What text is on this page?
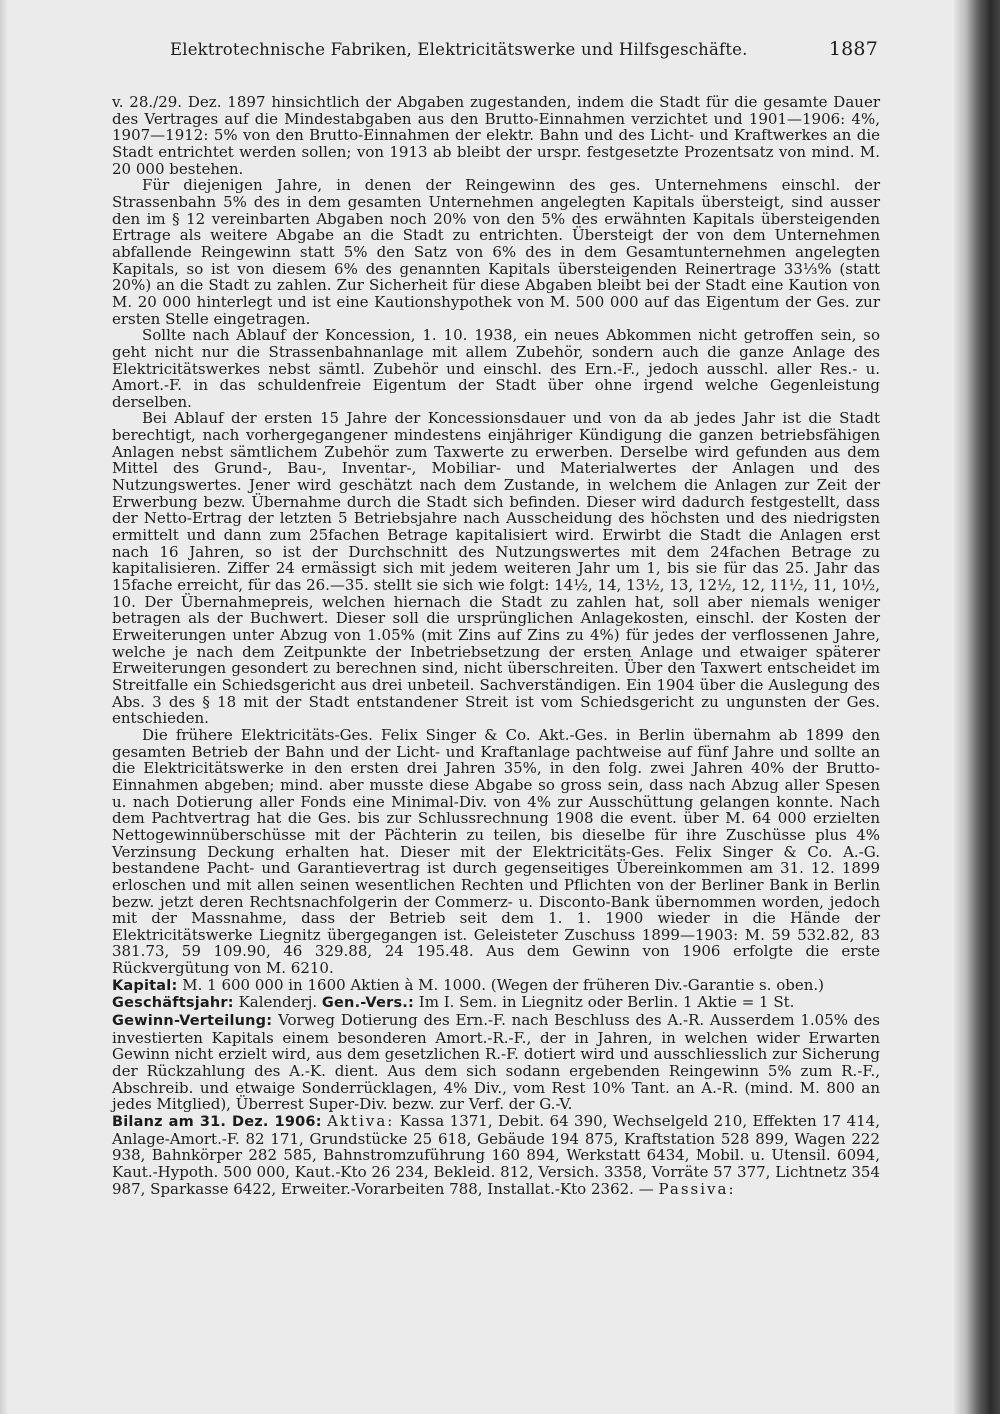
Elektrotechnische Fabriken, Elektricitätswerke und Hilfsgeschäfte.	1887

v. 28./29. Dez. 1897 hinsichtlich der Abgaben zugestanden, indem die Stadt für die gesamte Dauer des Vertrages auf die Mindestabgaben aus den Brutto-Einnahmen verzichtet und 1901—1906: 4%, 1907—1912: 5% von den Brutto-Einnahmen der elektr. Bahn und des Licht- und Kraftwerkes an die Stadt entrichtet werden sollen; von 1913 ab bleibt der urspr. festgesetzte Prozentsatz von mind. M. 20 000 bestehen.

Für diejenigen Jahre, in denen der Reingewinn des ges. Unternehmens einschl. der Strassenbahn 5% des in dem gesamten Unternehmen angelegten Kapitals übersteigt, sind ausser den im § 12 vereinbarten Abgaben noch 20% von den 5% des erwähnten Kapitals übersteigenden Ertrage als weitere Abgabe an die Stadt zu entrichten. Übersteigt der von dem Unternehmen abfallende Reingewinn statt 5% den Satz von 6% des in dem Gesamtunternehmen angelegten Kapitals, so ist von diesem 6% des genannten Kapitals übersteigenden Reinertrage 33⅓% (statt 20%) an die Stadt zu zahlen. Zur Sicherheit für diese Abgaben bleibt bei der Stadt eine Kaution von M. 20 000 hinterlegt und ist eine Kautionshypothek von M. 500 000 auf das Eigentum der Ges. zur ersten Stelle eingetragen.

Sollte nach Ablauf der Koncession, 1. 10. 1938, ein neues Abkommen nicht getroffen sein, so geht nicht nur die Strassenbahnanlage mit allem Zubehör, sondern auch die ganze Anlage des Elektricitätswerkes nebst sämtl. Zubehör und einschl. des Ern.-F., jedoch ausschl. aller Res.- u. Amort.-F. in das schuldenfreie Eigentum der Stadt über ohne irgend welche Gegenleistung derselben.

Bei Ablauf der ersten 15 Jahre der Koncessionsdauer und von da ab jedes Jahr ist die Stadt berechtigt, nach vorhergegangener mindestens einjähriger Kündigung die ganzen betriebsfähigen Anlagen nebst sämtlichem Zubehör zum Taxwerte zu erwerben. Derselbe wird gefunden aus dem Mittel des Grund-, Bau-, Inventar-, Mobiliar- und Materialwertes der Anlagen und des Nutzungswertes. Jener wird geschätzt nach dem Zustande, in welchem die Anlagen zur Zeit der Erwerbung bezw. Übernahme durch die Stadt sich befinden. Dieser wird dadurch festgestellt, dass der Netto-Ertrag der letzten 5 Betriebsjahre nach Ausscheidung des höchsten und des niedrigsten ermittelt und dann zum 25fachen Betrage kapitalisiert wird. Erwirbt die Stadt die Anlagen erst nach 16 Jahren, so ist der Durchschnitt des Nutzungswertes mit dem 24fachen Betrage zu kapitalisieren. Ziffer 24 ermässigt sich mit jedem weiteren Jahr um 1, bis sie für das 25. Jahr das 15fache erreicht, für das 26.—35. stellt sie sich wie folgt: 14½, 14, 13½, 13, 12½, 12, 11½, 11, 10½, 10. Der Übernahmepreis, welchen hiernach die Stadt zu zahlen hat, soll aber niemals weniger betragen als der Buchwert. Dieser soll die ursprünglichen Anlagekosten, einschl. der Kosten der Erweiterungen unter Abzug von 1.05% (mit Zins auf Zins zu 4%) für jedes der verflossenen Jahre, welche je nach dem Zeitpunkte der Inbetriebsetzung der ersten Anlage und etwaiger späterer Erweiterungen gesondert zu berechnen sind, nicht überschreiten. Über den Taxwert entscheidet im Streitfalle ein Schiedsgericht aus drei unbeteil. Sachverständigen. Ein 1904 über die Auslegung des Abs. 3 des § 18 mit der Stadt entstandener Streit ist vom Schiedsgericht zu ungunsten der Ges. entschieden.

Die frühere Elektricitäts-Ges. Felix Singer & Co. Akt.-Ges. in Berlin übernahm ab 1899 den gesamten Betrieb der Bahn und der Licht- und Kraftanlage pachtweise auf fünf Jahre und sollte an die Elektricitätswerke in den ersten drei Jahren 35%, in den folg. zwei Jahren 40% der Brutto-Einnahmen abgeben; mind. aber musste diese Abgabe so gross sein, dass nach Abzug aller Spesen u. nach Dotierung aller Fonds eine Minimal-Div. von 4% zur Ausschüttung gelangen konnte. Nach dem Pachtvertrag hat die Ges. bis zur Schlussrechnung 1908 die event. über M. 64 000 erzielten Nettogewinnüberschüsse mit der Pächterin zu teilen, bis dieselbe für ihre Zuschüsse plus 4% Verzinsung Deckung erhalten hat. Dieser mit der Elektricitäts-Ges. Felix Singer & Co. A.-G. bestandene Pacht- und Garantievertrag ist durch gegenseitiges Übereinkommen am 31. 12. 1899 erloschen und mit allen seinen wesentlichen Rechten und Pflichten von der Berliner Bank in Berlin bezw. jetzt deren Rechtsnachfolgerin der Commerz- u. Disconto-Bank übernommen worden, jedoch mit der Massnahme, dass der Betrieb seit dem 1. 1. 1900 wieder in die Hände der Elektricitätswerke Liegnitz übergegangen ist. Geleisteter Zuschuss 1899—1903: M. 59 532.82, 83 381.73, 59 109.90, 46 329.88, 24 195.48. Aus dem Gewinn von 1906 erfolgte die erste Rückvergütung von M. 6210.

Kapital: M. 1 600 000 in 1600 Aktien à M. 1000. (Wegen der früheren Div.-Garantie s. oben.)

Geschäftsjahr: Kalenderj. Gen.-Vers.: Im I. Sem. in Liegnitz oder Berlin. 1 Aktie = 1 St.

Gewinn-Verteilung: Vorweg Dotierung des Ern.-F. nach Beschluss des A.-R. Ausserdem 1.05% des investierten Kapitals einem besonderen Amort.-R.-F., der in Jahren, in welchen wider Erwarten Gewinn nicht erzielt wird, aus dem gesetzlichen R.-F. dotiert wird und ausschliesslich zur Sicherung der Rückzahlung des A.-K. dient. Aus dem sich sodann ergebenden Reingewinn 5% zum R.-F., Abschreib. und etwaige Sonderrücklagen, 4% Div., vom Rest 10% Tant. an A.-R. (mind. M. 800 an jedes Mitglied), Überrest Super-Div. bezw. zur Verf. der G.-V.

Bilanz am 31. Dez. 1906: Aktiva: Kassa 1371, Debit. 64 390, Wechselgeld 210, Effekten 17 414, Anlage-Amort.-F. 82 171, Grundstücke 25 618, Gebäude 194 875, Kraftstation 528 899, Wagen 222 938, Bahnkörper 282 585, Bahnstromzuführung 160 894, Werkstatt 6434, Mobil. u. Utensil. 6094, Kaut.-Hypoth. 500 000, Kaut.-Kto 26 234, Bekleid. 812, Versich. 3358, Vorräte 57 377, Lichtnetz 354 987, Sparkasse 6422, Erweiter.-Vorarbeiten 788, Installat.-Kto 2362. — Passiva:
